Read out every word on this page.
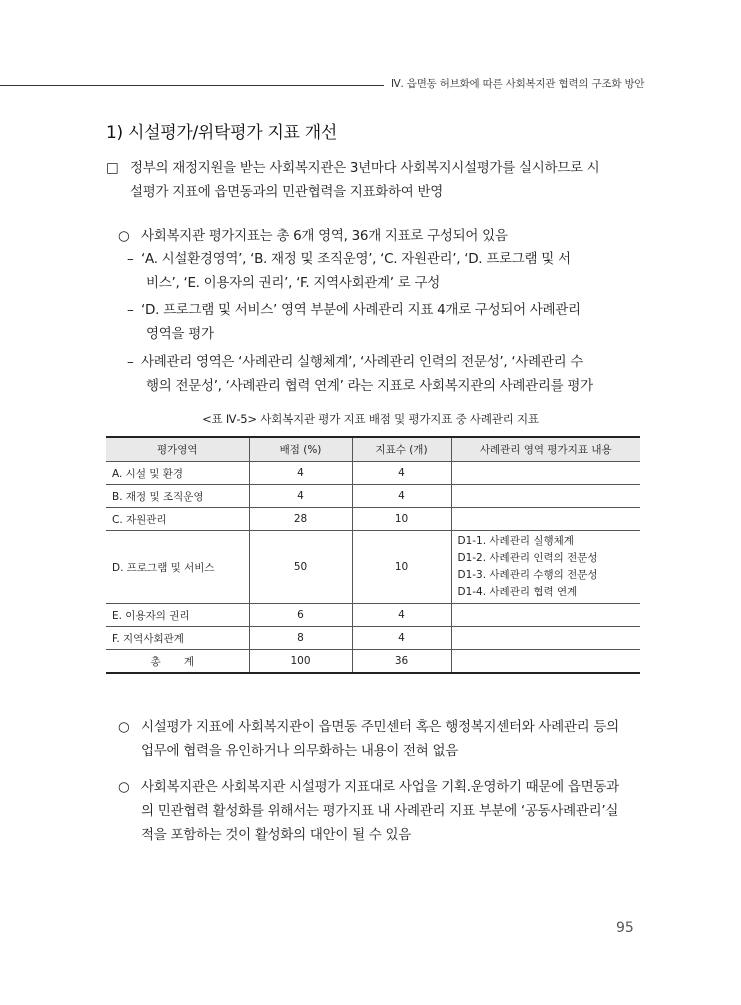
Ⅳ. 읍면동 허브화에 따른 사회복지관 협력의 구조화 방안
1) 시설평가/위탁평가 지표 개선
□ 정부의 재정지원을 받는 사회복지관은 3년마다 사회복지시설평가를 실시하므로 시
설평가 지표에 읍면동과의 민관협력을 지표화하여 반영
○ 사회복지관 평가지표는 총 6개 영역, 36개 지표로 구성되어 있음
– ‘A. 시설환경영역’, ‘B. 재정 및 조직운영’, ‘C. 자원관리’, ‘D. 프로그램 및 서
비스’, ‘E. 이용자의 권리’, ‘F. 지역사회관계’ 로 구성
– ‘D. 프로그램 및 서비스’ 영역 부분에 사례관리 지표 4개로 구성되어 사례관리
영역을 평가
– 사례관리 영역은 ‘사례관리 실행체계’, ‘사례관리 인력의 전문성’, ‘사례관리 수
행의 전문성’, ‘사례관리 협력 연계’ 라는 지표로 사회복지관의 사례관리를 평가
<표 Ⅳ-5> 사회복지관 평가 지표 배점 및 평가지표 중 사례관리 지표
평가영역	배점 (%)	지표수 (개)	사례관리 영역 평가지표 내용
A. 시설 및 환경	4	4	
B. 재정 및 조직운영	4	4	
C. 자원관리	28	10	
D. 프로그램 및 서비스	50	10	D1-1. 사례관리 실행체계
D1-2. 사례관리 인력의 전문성
D1-3. 사례관리 수행의 전문성
D1-4. 사례관리 협력 연계

E. 이용자의 권리	6	4	
F. 지역사회관계	8	4	
총 계	100	36	
○ 시설평가 지표에 사회복지관이 읍면동 주민센터 혹은 행정복지센터와 사례관리 등의
업무에 협력을 유인하거나 의무화하는 내용이 전혀 없음
○ 사회복지관은 사회복지관 시설평가 지표대로 사업을 기획.운영하기 때문에 읍면동과
의 민관협력 활성화를 위해서는 평가지표 내 사례관리 지표 부분에 ‘공동사례관리’실
적을 포함하는 것이 활성화의 대안이 될 수 있음
95
